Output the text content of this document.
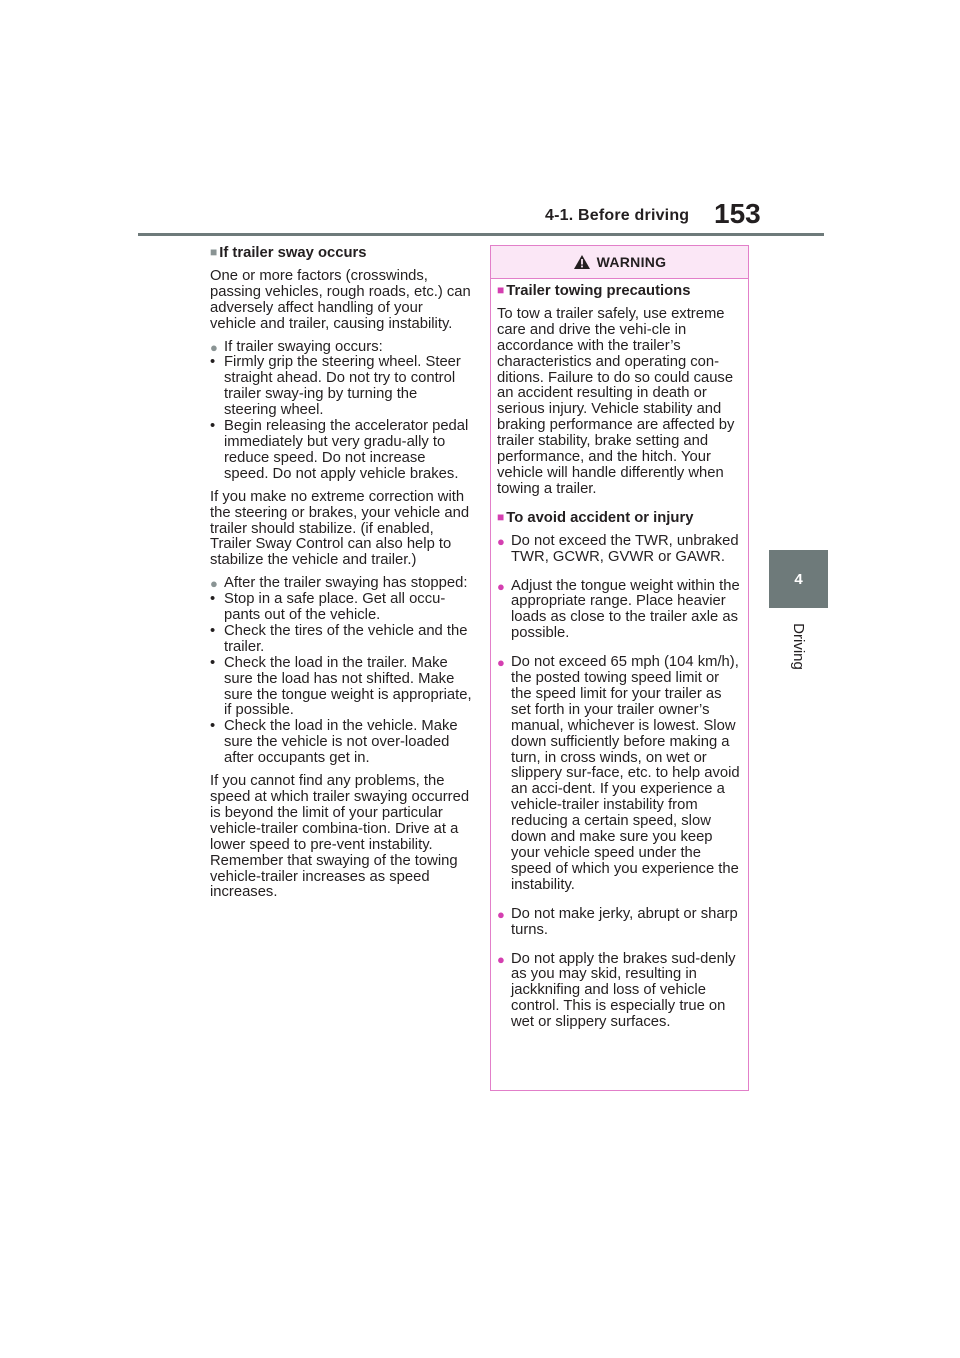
4-1. Before driving 153
4
Driving
■ If trailer sway occurs
One or more factors (crosswinds, passing vehicles, rough roads, etc.) can adversely affect handling of your vehicle and trailer, causing instability.
● If trailer swaying occurs:
• Firmly grip the steering wheel. Steer straight ahead. Do not try to control trailer sway-ing by turning the steering wheel.
• Begin releasing the accelerator pedal immediately but very gradu-ally to reduce speed. Do not increase speed. Do not apply vehicle brakes.
If you make no extreme correction with the steering or brakes, your vehicle and trailer should stabilize. (if enabled, Trailer Sway Control can also help to stabilize the vehicle and trailer.)
● After the trailer swaying has stopped:
• Stop in a safe place. Get all occu-pants out of the vehicle.
• Check the tires of the vehicle and the trailer.
• Check the load in the trailer. Make sure the load has not shifted. Make sure the tongue weight is appropriate, if possible.
• Check the load in the vehicle. Make sure the vehicle is not over-loaded after occupants get in.
If you cannot find any problems, the speed at which trailer swaying occurred is beyond the limit of your particular vehicle-trailer combina-tion. Drive at a lower speed to pre-vent instability. Remember that swaying of the towing vehicle-trailer increases as speed increases.
WARNING
■ Trailer towing precautions
To tow a trailer safely, use extreme care and drive the vehi-cle in accordance with the trailer’s characteristics and operating con-ditions. Failure to do so could cause an accident resulting in death or serious injury. Vehicle stability and braking performance are affected by trailer stability, brake setting and performance, and the hitch. Your vehicle will handle differently when towing a trailer.
■ To avoid accident or injury
● Do not exceed the TWR, unbraked TWR, GCWR, GVWR or GAWR.
● Adjust the tongue weight within the appropriate range. Place heavier loads as close to the trailer axle as possible.
● Do not exceed 65 mph (104 km/h), the posted towing speed limit or the speed limit for your trailer as set forth in your trailer owner’s manual, whichever is lowest. Slow down sufficiently before making a turn, in cross winds, on wet or slippery sur-face, etc. to help avoid an acci-dent. If you experience a vehicle-trailer instability from reducing a certain speed, slow down and make sure you keep your vehicle speed under the speed of which you experience the instability.
● Do not make jerky, abrupt or sharp turns.
● Do not apply the brakes sud-denly as you may skid, resulting in jackknifing and loss of vehicle control. This is especially true on wet or slippery surfaces.
